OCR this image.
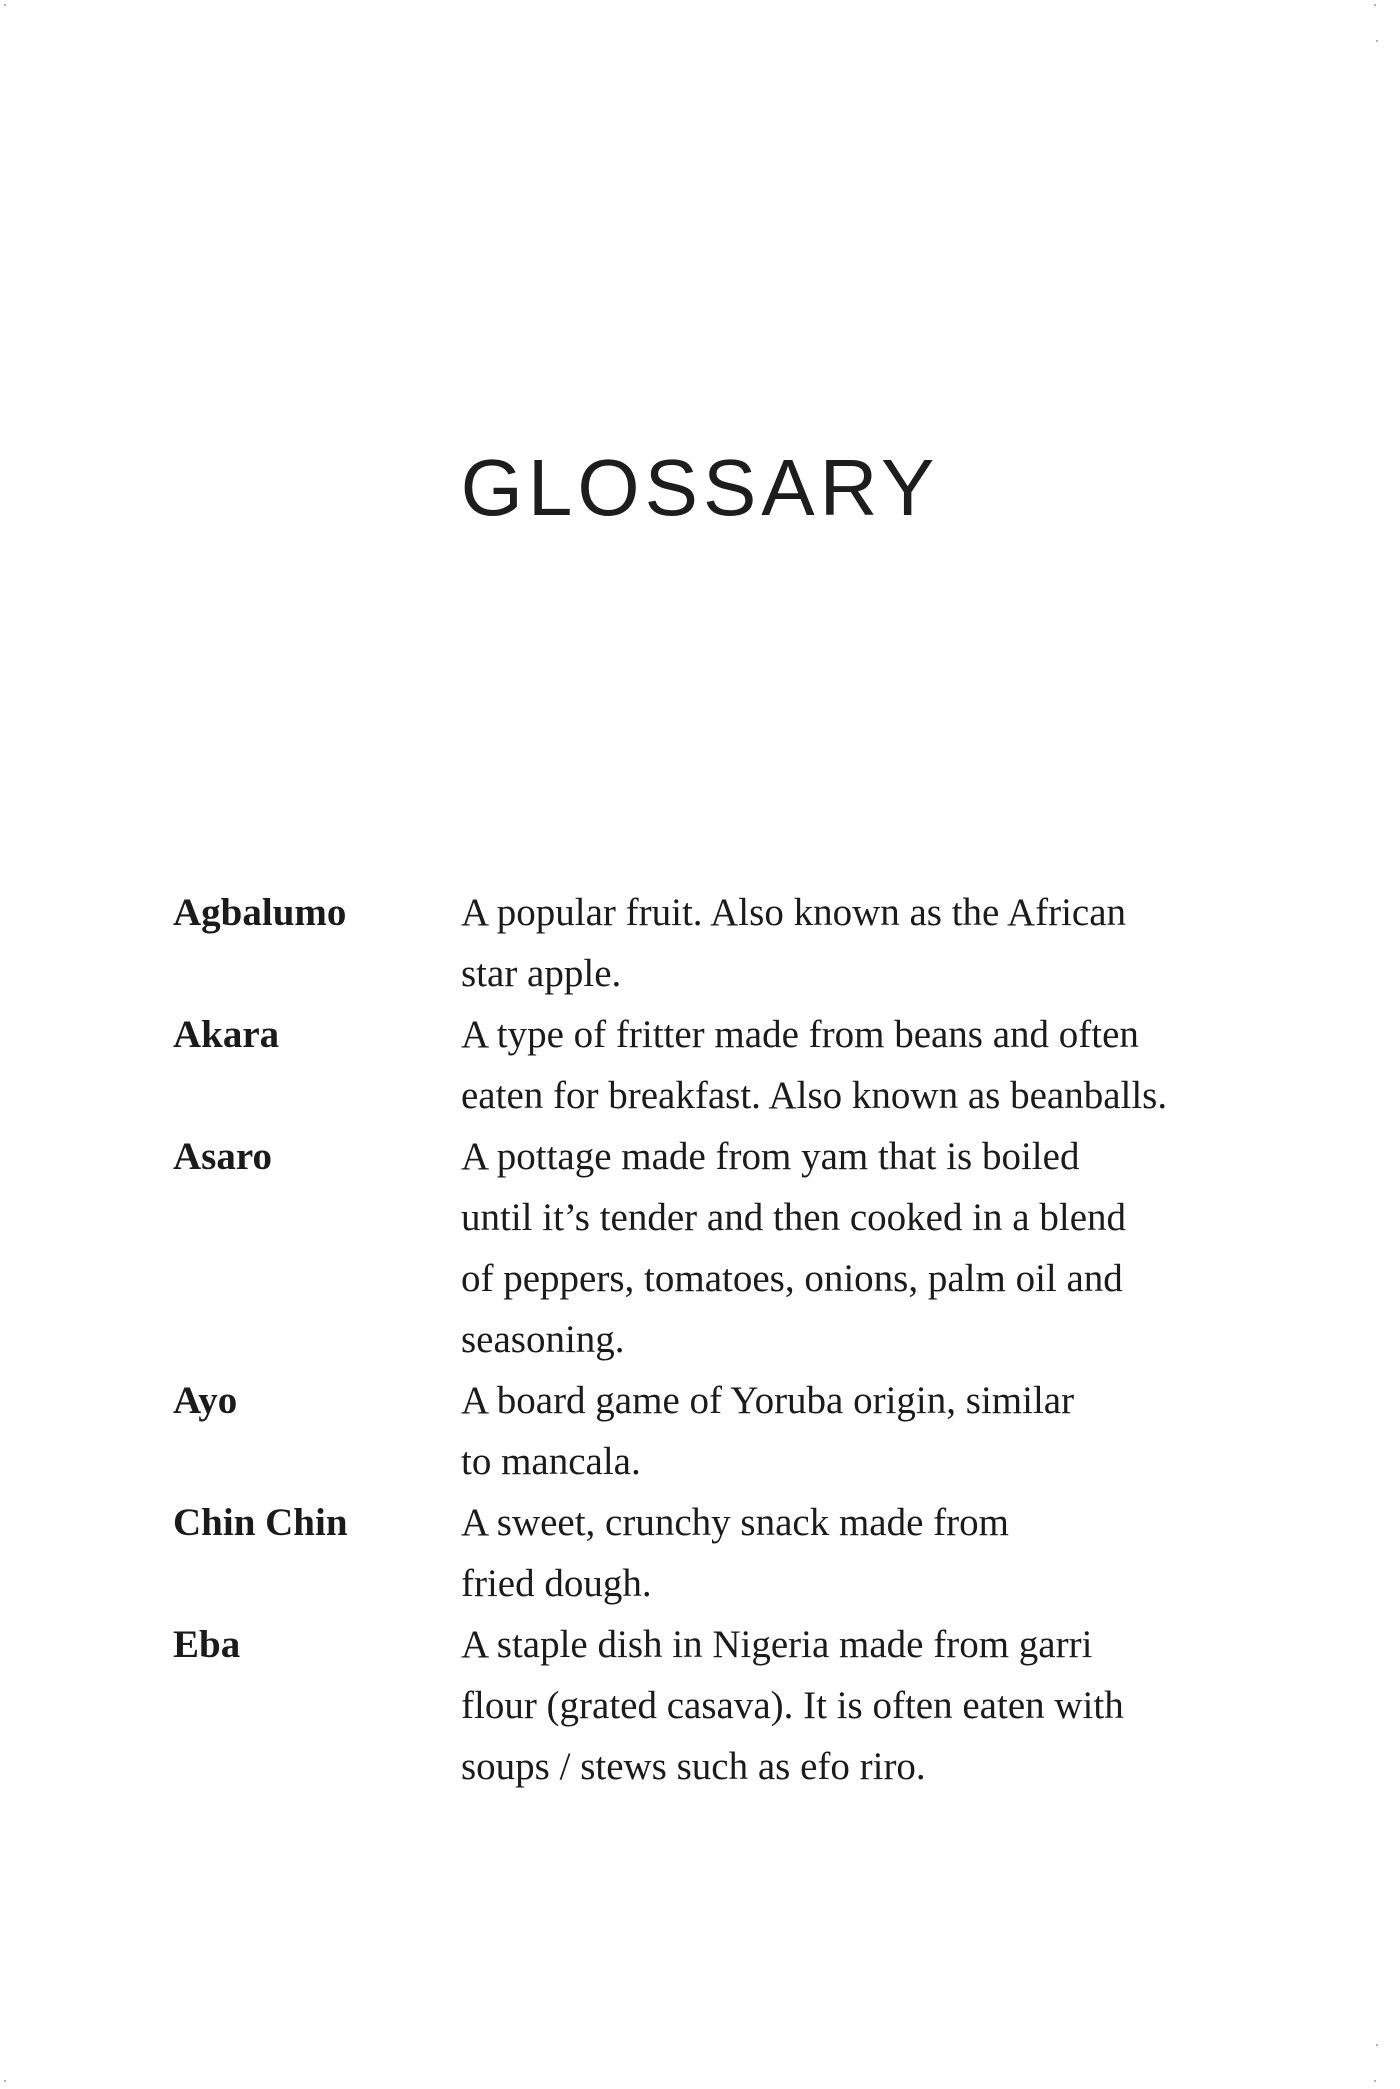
GLOSSARY
Agbalumo	A popular fruit. Also known as the African
star apple.
Akara	A type of fritter made from beans and often
eaten for breakfast. Also known as beanballs.
Asaro	A pottage made from yam that is boiled
until it’s tender and then cooked in a blend
of peppers, tomatoes, onions, palm oil and
seasoning.
Ayo	A board game of Yoruba origin, similar
to mancala.
Chin Chin	A sweet, crunchy snack made from
fried dough.
Eba	A staple dish in Nigeria made from garri
flour (grated casava). It is often eaten with
soups / stews such as efo riro.
